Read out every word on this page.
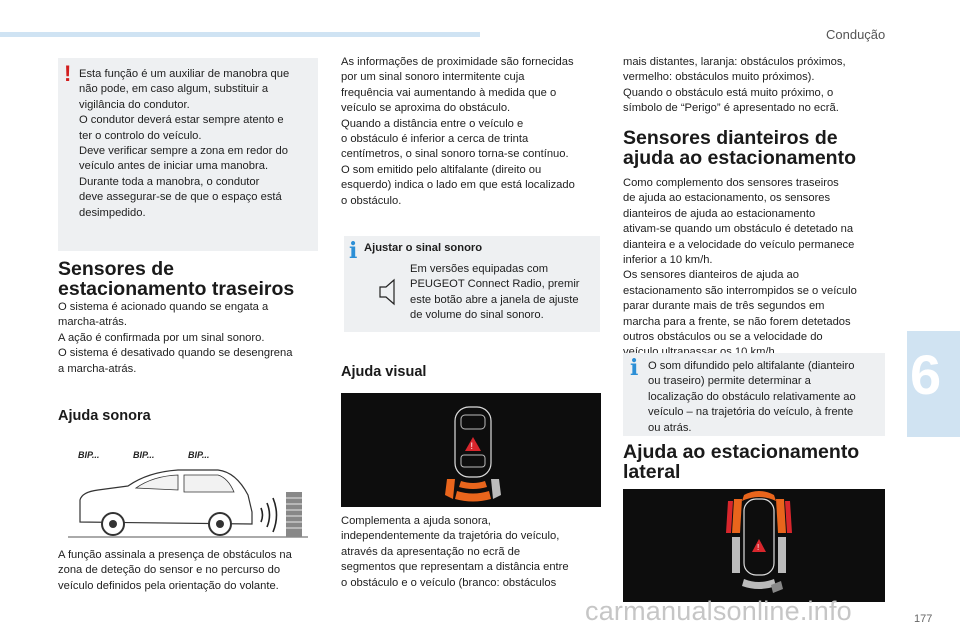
Condução
! Esta função é um auxiliar de manobra que
não pode, em caso algum, substituir a
vigilância do condutor.
O condutor deverá estar sempre atento e
ter o controlo do veículo.
Deve verificar sempre a zona em redor do
veículo antes de iniciar uma manobra.
Durante toda a manobra, o condutor
deve assegurar-se de que o espaço está
desimpedido.

Sensores de
estacionamento traseiros

O sistema é acionado quando se engata a
marcha-atrás.
A ação é confirmada por um sinal sonoro.
O sistema é desativado quando se desengrena
a marcha-atrás.

Ajuda sonora
BIP...	BIP...	BIP...

A função assinala a presença de obstáculos na
zona de deteção do sensor e no percurso do
veículo definidos pela orientação do volante.

As informações de proximidade são fornecidas
por um sinal sonoro intermitente cuja
frequência vai aumentando à medida que o
veículo se aproxima do obstáculo.
Quando a distância entre o veículo e
o obstáculo é inferior a cerca de trinta
centímetros, o sinal sonoro torna-se contínuo.
O som emitido pelo altifalante (direito ou
esquerdo) indica o lado em que está localizado
o obstáculo.

i Ajustar o sinal sonoro

Em versões equipadas com
PEUGEOT Connect Radio, premir
este botão abre a janela de ajuste
de volume do sinal sonoro.

Ajuda visual
!

Complementa a ajuda sonora,
independentemente da trajetória do veículo,
através da apresentação no ecrã de
segmentos que representam a distância entre
o obstáculo e o veículo (branco: obstáculos

mais distantes, laranja: obstáculos próximos,
vermelho: obstáculos muito próximos).
Quando o obstáculo está muito próximo, o
símbolo de “Perigo” é apresentado no ecrã.

Sensores dianteiros de
ajuda ao estacionamento

Como complemento dos sensores traseiros
de ajuda ao estacionamento, os sensores
dianteiros de ajuda ao estacionamento
ativam-se quando um obstáculo é detetado na
dianteira e a velocidade do veículo permanece
inferior a 10 km/h.
Os sensores dianteiros de ajuda ao
estacionamento são interrompidos se o veículo
parar durante mais de três segundos em
marcha para a frente, se não forem detetados
outros obstáculos ou se a velocidade do

i O som difundido pelo altifalante (dianteiro
ou traseiro) permite determinar a
localização do obstáculo relativamente ao
veículo – na trajetória do veículo, à frente
ou atrás.

Ajuda ao estacionamento
lateral
!
6
carmanualsonline.info	177
